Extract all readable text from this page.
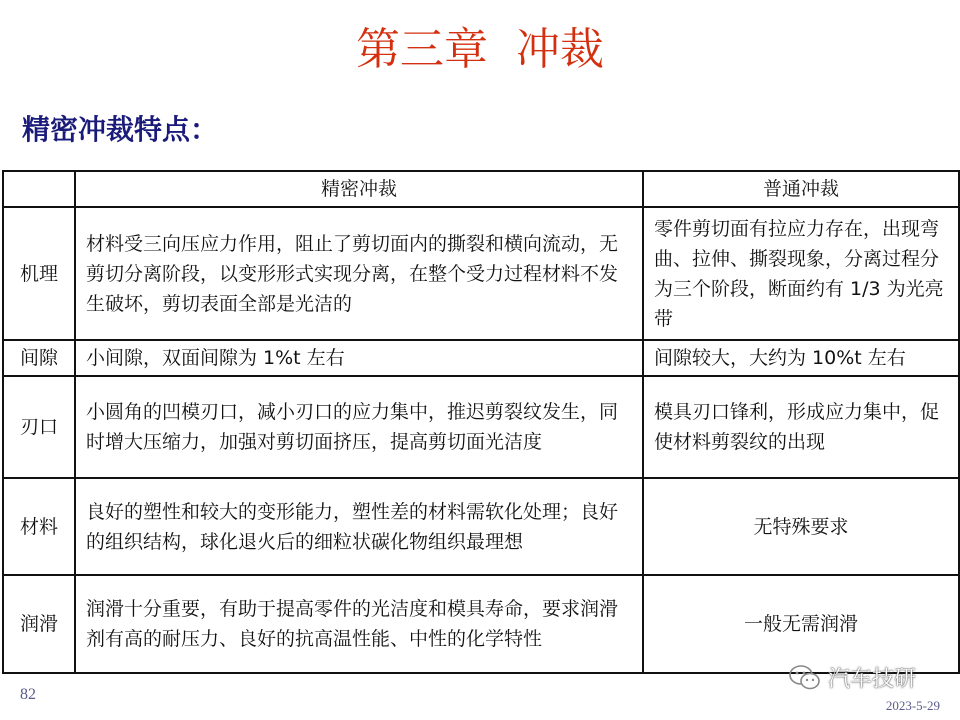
第三章  冲裁
精密冲裁特点：
	精密冲裁	普通冲裁
机理	材料受三向压应力作用，阻止了剪切面内的撕裂和横向流动，无剪切分离阶段，以变形形式实现分离，在整个受力过程材料不发生破坏，剪切表面全部是光洁的	零件剪切面有拉应力存在，出现弯曲、拉伸、撕裂现象，分离过程分为三个阶段，断面约有 1/3 为光亮带
间隙	小间隙，双面间隙为 1%t 左右	间隙较大，大约为 10%t 左右
刃口	小圆角的凹模刃口，减小刃口的应力集中，推迟剪裂纹发生，同时增大压缩力，加强对剪切面挤压，提高剪切面光洁度	模具刃口锋利，形成应力集中，促使材料剪裂纹的出现
材料	良好的塑性和较大的变形能力，塑性差的材料需软化处理；良好的组织结构，球化退火后的细粒状碳化物组织最理想	无特殊要求
润滑	润滑十分重要，有助于提高零件的光洁度和模具寿命，要求润滑剂有高的耐压力、良好的抗高温性能、中性的化学特性	一般无需润滑
82
2023-5-29
汽车技研
